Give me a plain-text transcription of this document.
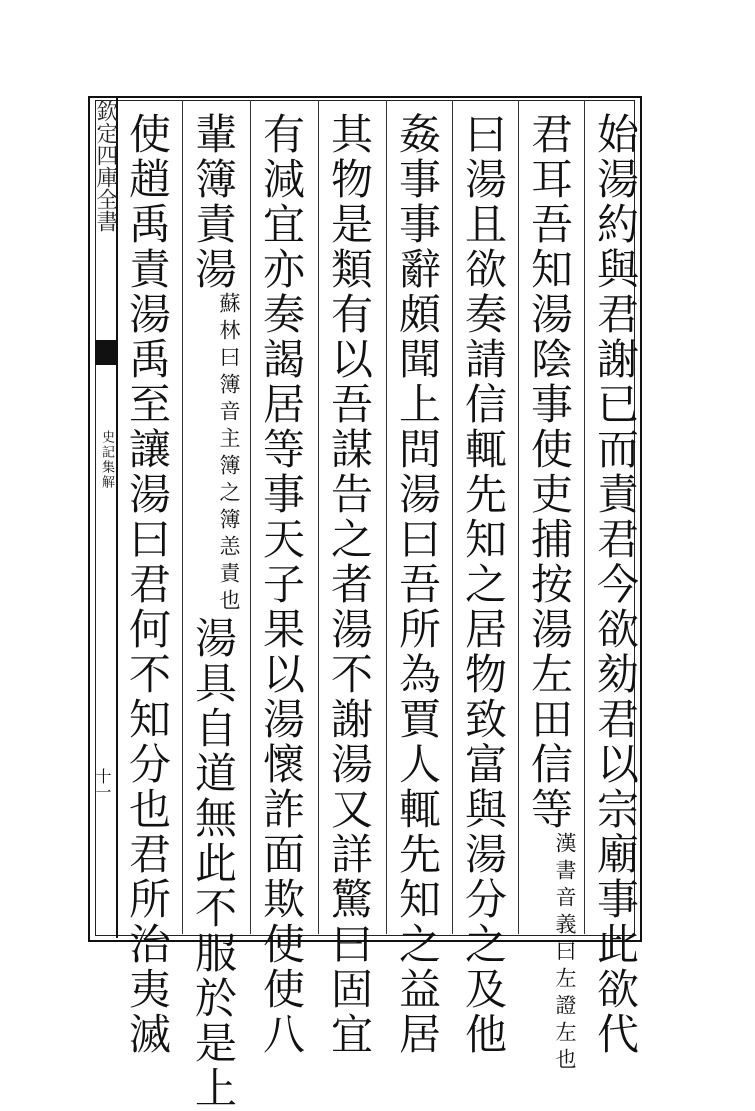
欽定四庫全書
史記集解
十一	始湯約與君謝已而責君今欲劾君以宗廟事此欲代
君耳吾知湯陰事使吏捕按湯左田信等漢書音義曰左證左也
曰湯且欲奏請信輒先知之居物致富與湯分之及他
姦事事辭頗聞上問湯曰吾所為賈人輒先知之益居
其物是類有以吾謀告之者湯不謝湯又詳驚曰固宜
有減宜亦奏謁居等事天子果以湯懷詐面欺使使八
輩簿責湯蘇林曰簿音主簿之簿恙責也湯具自道無此不服於是上
使趙禹責湯禹至讓湯曰君何不知分也君所治夷滅
